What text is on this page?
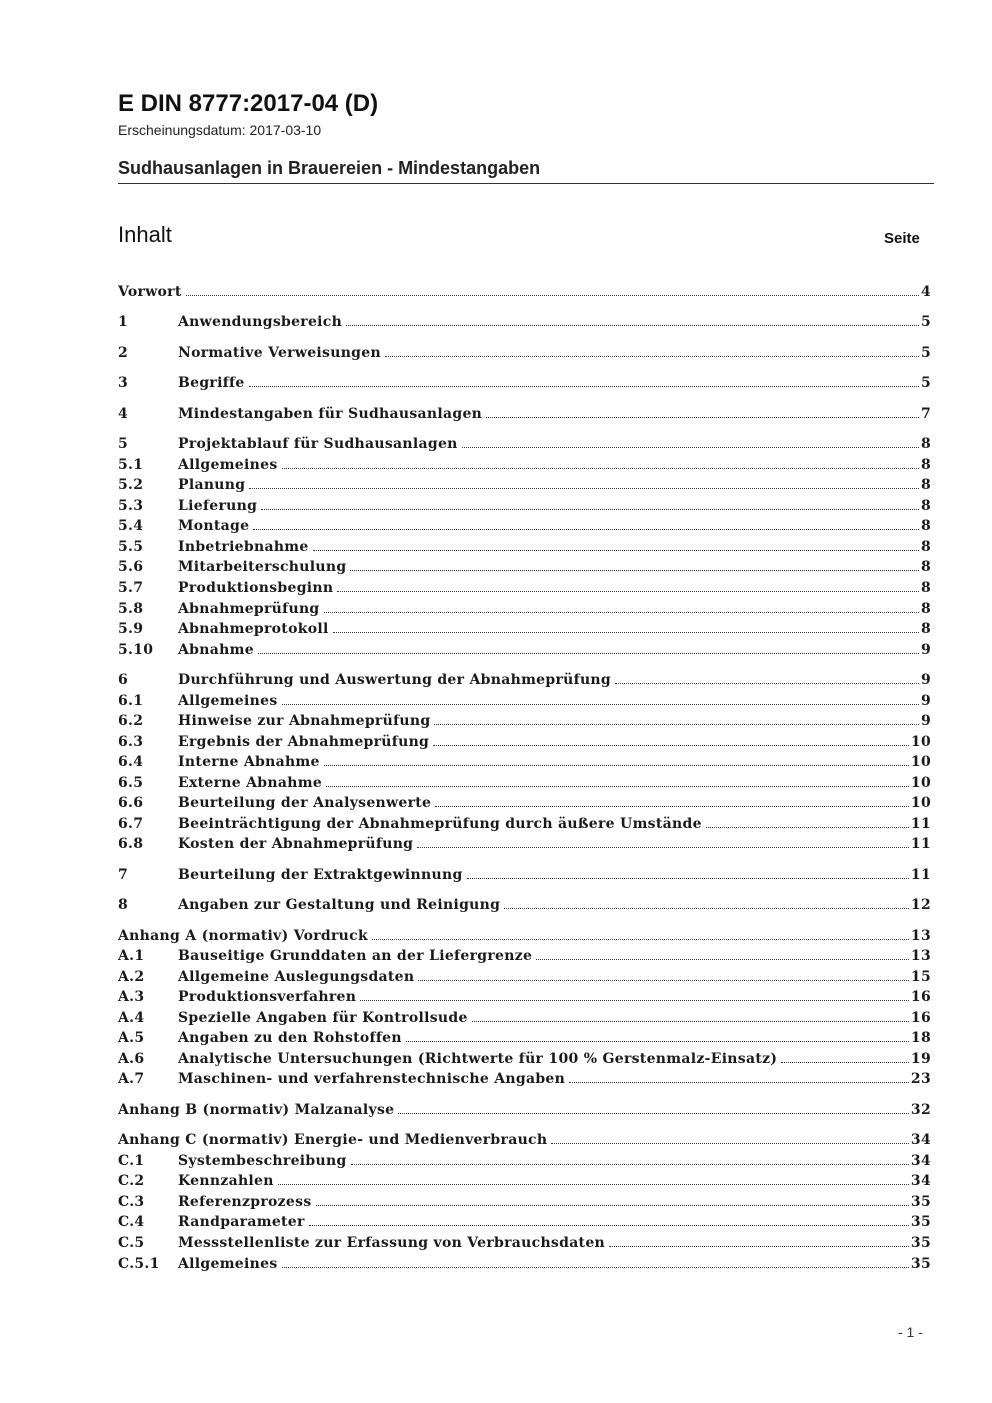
E DIN 8777:2017-04 (D)
Erscheinungsdatum: 2017-03-10
Sudhausanlagen in Brauereien - Mindestangaben
Inhalt	Seite
Vorwort	4
1	Anwendungsbereich	5
2	Normative Verweisungen	5
3	Begriffe	5
4	Mindestangaben für Sudhausanlagen	7
5	Projektablauf für Sudhausanlagen	8
5.1	Allgemeines	8
5.2	Planung	8
5.3	Lieferung	8
5.4	Montage	8
5.5	Inbetriebnahme	8
5.6	Mitarbeiterschulung	8
5.7	Produktionsbeginn	8
5.8	Abnahmeprüfung	8
5.9	Abnahmeprotokoll	8
5.10	Abnahme	9
6	Durchführung und Auswertung der Abnahmeprüfung	9
6.1	Allgemeines	9
6.2	Hinweise zur Abnahmeprüfung	9
6.3	Ergebnis der Abnahmeprüfung	10
6.4	Interne Abnahme	10
6.5	Externe Abnahme	10
6.6	Beurteilung der Analysenwerte	10
6.7	Beeinträchtigung der Abnahmeprüfung durch äußere Umstände	11
6.8	Kosten der Abnahmeprüfung	11
7	Beurteilung der Extraktgewinnung	11
8	Angaben zur Gestaltung und Reinigung	12
Anhang A (normativ) Vordruck	13
A.1	Bauseitige Grunddaten an der Liefergrenze	13
A.2	Allgemeine Auslegungsdaten	15
A.3	Produktionsverfahren	16
A.4	Spezielle Angaben für Kontrollsude	16
A.5	Angaben zu den Rohstoffen	18
A.6	Analytische Untersuchungen (Richtwerte für 100 % Gerstenmalz-Einsatz)	19
A.7	Maschinen- und verfahrenstechnische Angaben	23
Anhang B (normativ) Malzanalyse	32
Anhang C (normativ) Energie- und Medienverbrauch	34
C.1	Systembeschreibung	34
C.2	Kennzahlen	34
C.3	Referenzprozess	35
C.4	Randparameter	35
C.5	Messstellenliste zur Erfassung von Verbrauchsdaten	35
C.5.1	Allgemeines	35
- 1 -
